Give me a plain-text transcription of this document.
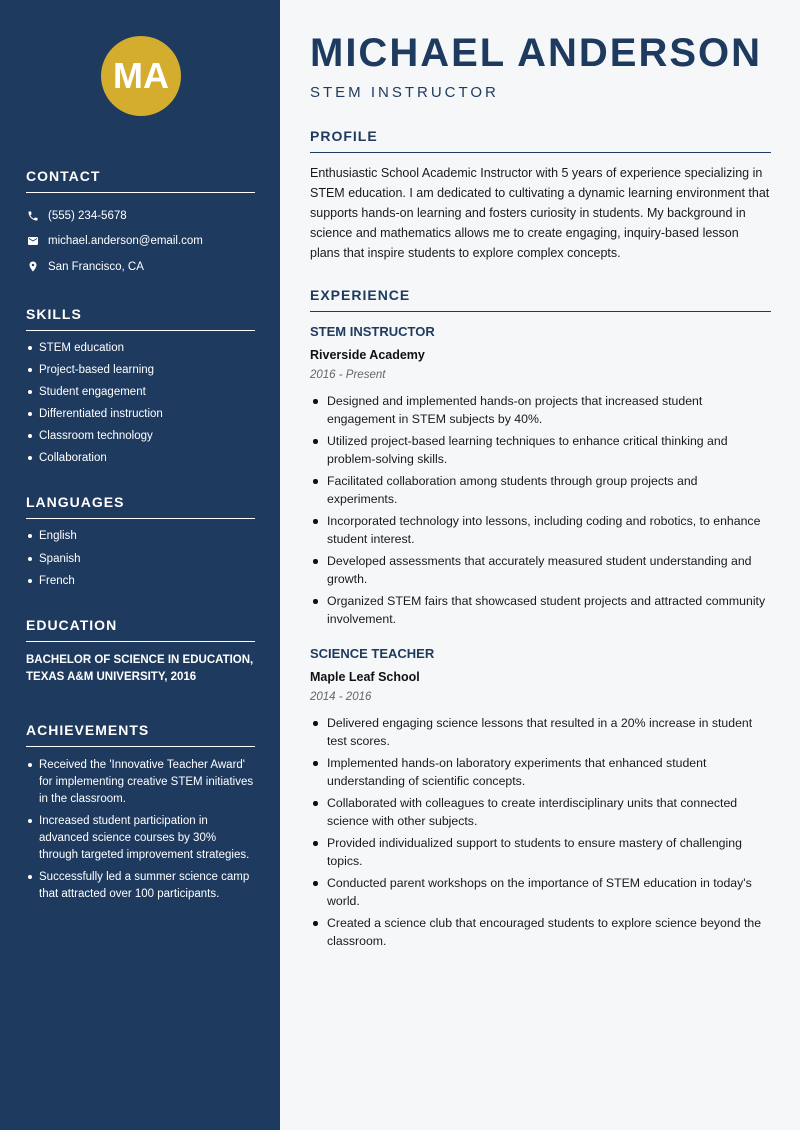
MA
CONTACT
(555) 234-5678
michael.anderson@email.com
San Francisco, CA
SKILLS
STEM education
Project-based learning
Student engagement
Differentiated instruction
Classroom technology
Collaboration
LANGUAGES
English
Spanish
French
EDUCATION
BACHELOR OF SCIENCE IN EDUCATION,
TEXAS A&M UNIVERSITY, 2016
ACHIEVEMENTS
Received the 'Innovative Teacher Award' for implementing creative STEM initiatives in the classroom.
Increased student participation in advanced science courses by 30% through targeted improvement strategies.
Successfully led a summer science camp that attracted over 100 participants.
MICHAEL ANDERSON
STEM INSTRUCTOR
PROFILE

Enthusiastic School Academic Instructor with 5 years of experience specializing in STEM education. I am dedicated to cultivating a dynamic learning environment that supports hands-on learning and fosters curiosity in students. My background in science and mathematics allows me to create engaging, inquiry-based lesson plans that inspire students to explore complex concepts.

EXPERIENCE
STEM INSTRUCTOR
Riverside Academy
2016 - Present
Designed and implemented hands-on projects that increased student engagement in STEM subjects by 40%.
Utilized project-based learning techniques to enhance critical thinking and problem-solving skills.
Facilitated collaboration among students through group projects and experiments.
Incorporated technology into lessons, including coding and robotics, to enhance student interest.
Developed assessments that accurately measured student understanding and growth.
Organized STEM fairs that showcased student projects and attracted community involvement.
SCIENCE TEACHER
Maple Leaf School
2014 - 2016
Delivered engaging science lessons that resulted in a 20% increase in student test scores.
Implemented hands-on laboratory experiments that enhanced student understanding of scientific concepts.
Collaborated with colleagues to create interdisciplinary units that connected science with other subjects.
Provided individualized support to students to ensure mastery of challenging topics.
Conducted parent workshops on the importance of STEM education in today's world.
Created a science club that encouraged students to explore science beyond the classroom.
